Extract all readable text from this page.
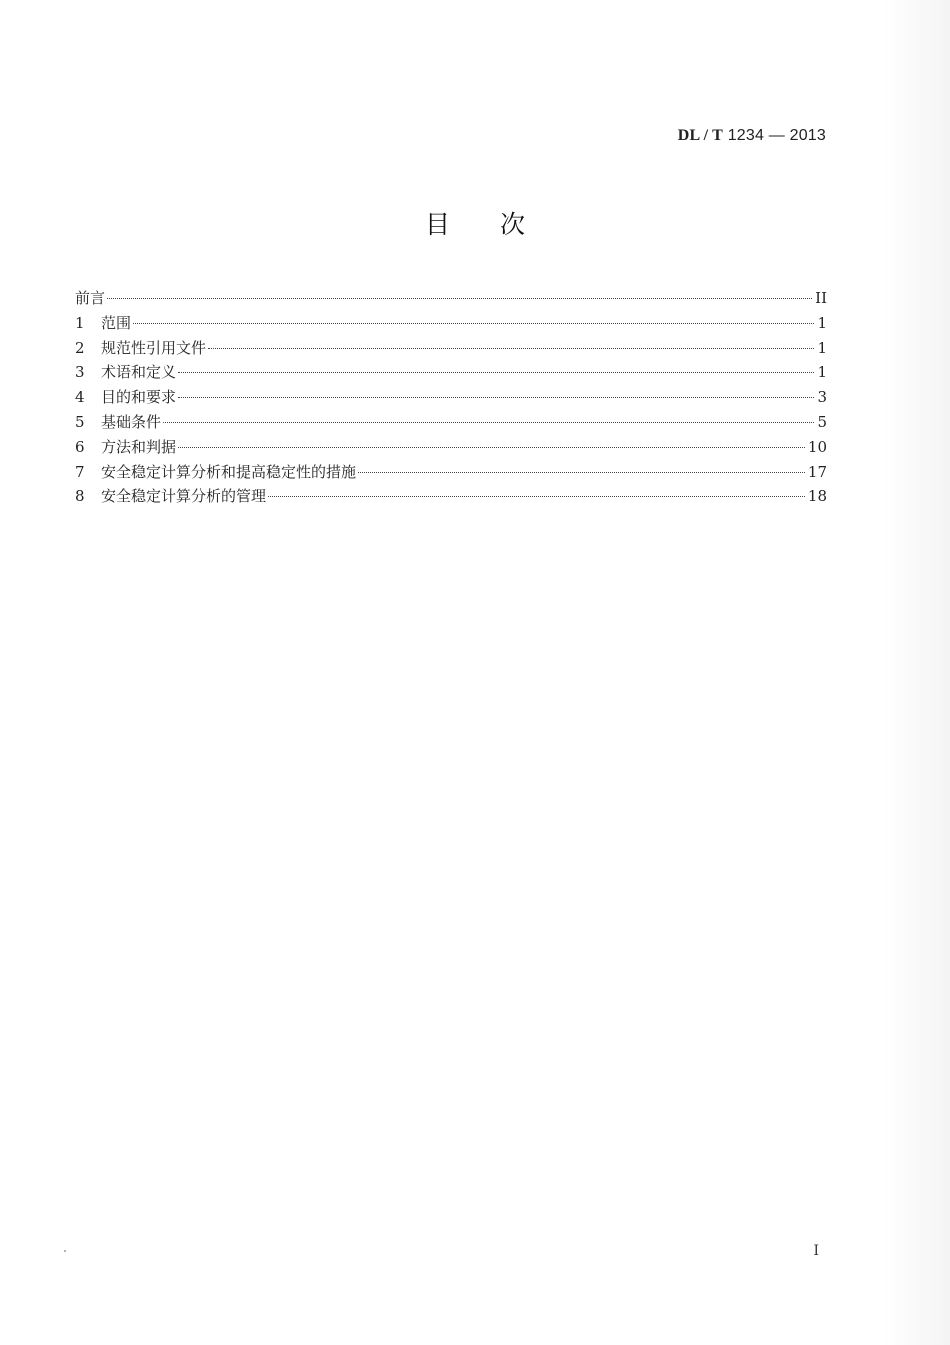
DL / T 1234 — 2013
目 次
前言	II
1	范围	1
2	规范性引用文件	1
3	术语和定义	1
4	目的和要求	3
5	基础条件	5
6	方法和判据	10
7	安全稳定计算分析和提高稳定性的措施	17
8	安全稳定计算分析的管理	18
I
